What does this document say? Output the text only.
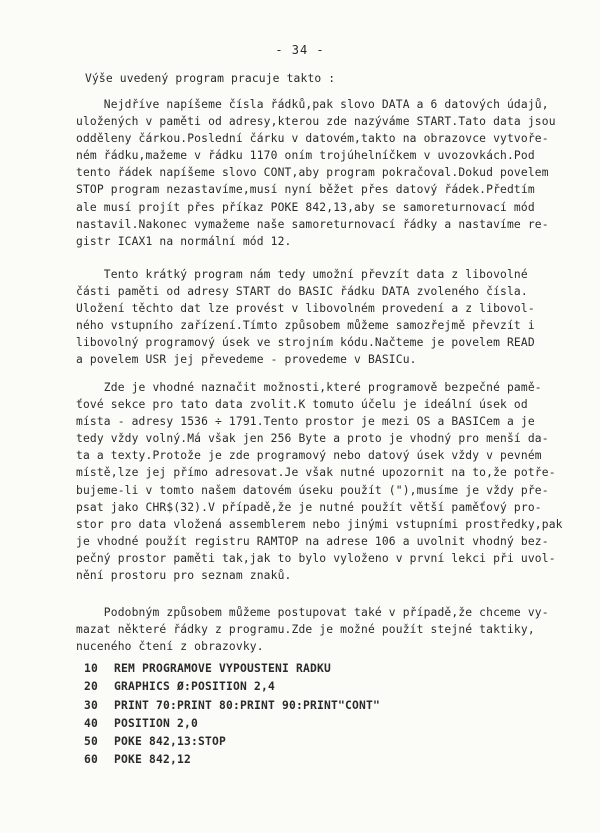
- 34 -
Výše uvedený program pracuje takto :
Nejdříve napíšeme čísla řádků,pak slovo DATA a 6 datových údajů,
uložených v paměti od adresy,kterou zde nazýváme START.Tato data jsou
odděleny čárkou.Poslední čárku v datovém,takto na obrazovce vytvoře-
ném řádku,mažeme v řádku 1170 oním trojúhelníčkem v uvozovkách.Pod
tento řádek napíšeme slovo CONT,aby program pokračoval.Dokud povelem
STOP program nezastavíme,musí nyní běžet přes datový řádek.Předtím
ale musí projít přes příkaz POKE 842,13,aby se samoreturnovací mód
nastavil.Nakonec vymažeme naše samoreturnovací řádky a nastavíme re-
gistr ICAX1 na normální mód 12.
Tento krátký program nám tedy umožní převzít data z libovolné
části paměti od adresy START do BASIC řádku DATA zvoleného čísla.
Uložení těchto dat lze provést v libovolném provedení a z libovol-
ného vstupního zařízení.Tímto způsobem můžeme samozřejmě převzít i
libovolný programový úsek ve strojním kódu.Načteme je povelem READ
a povelem USR jej převedeme - provedeme v BASICu.
Zde je vhodné naznačit možnosti,které programově bezpečné pamě-
ťové sekce pro tato data zvolit.K tomuto účelu je ideální úsek od
místa - adresy 1536 ÷ 1791.Tento prostor je mezi OS a BASICem a je
tedy vždy volný.Má však jen 256 Byte a proto je vhodný pro menší da-
ta a texty.Protože je zde programový nebo datový úsek vždy v pevném
místě,lze jej přímo adresovat.Je však nutné upozornit na to,že potře-
bujeme-li v tomto našem datovém úseku použít ("),musíme je vždy pře-
psat jako CHR$(32).V případě,že je nutné použít větší paměťový pro-
stor pro data vložená assemblerem nebo jinými vstupními prostředky,pak
je vhodné použít registru RAMTOP na adrese 106 a uvolnit vhodný bez-
pečný prostor paměti tak,jak to bylo vyloženo v první lekci při uvol-
nění prostoru pro seznam znaků.
Podobným způsobem můžeme postupovat také v případě,že chceme vy-
mazat některé řádky z programu.Zde je možné použít stejné taktiky,
nuceného čtení z obrazovky.
10 REM PROGRAMOVE VYPOUSTENI RADKU
20 GRAPHICS Ø:POSITION 2,4
30 PRINT 70:PRINT 80:PRINT 90:PRINT"CONT"
40 POSITION 2,0
50 POKE 842,13:STOP
60 POKE 842,12
